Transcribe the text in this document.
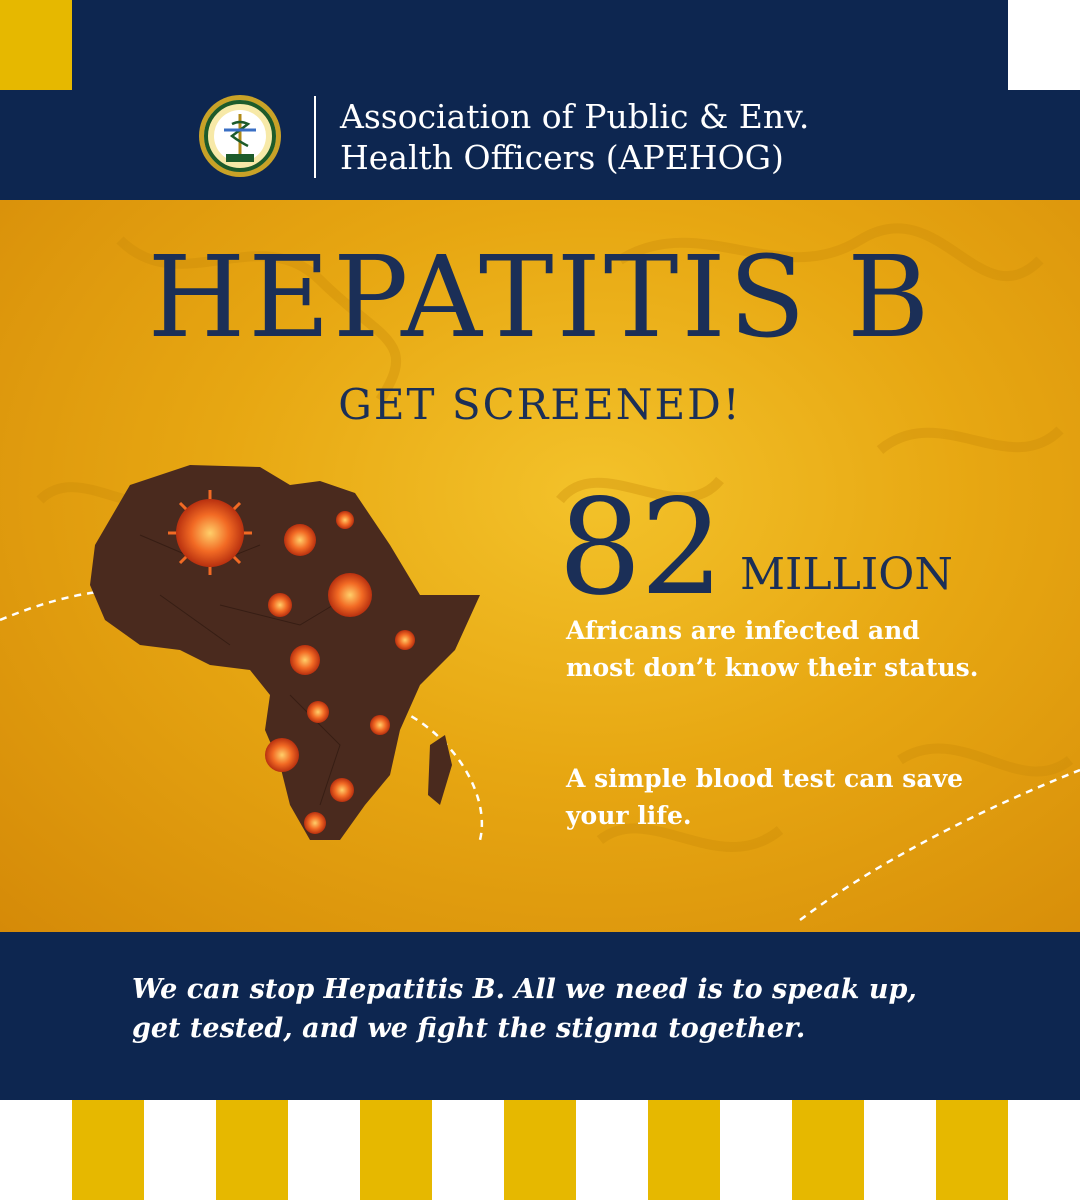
Association of Public & Env.
Health Officers (APEHOG)
HEPATITIS B
GET SCREENED!
82 MILLION
Africans are infected and most don’t know their status.
A simple blood test can save your life.
We can stop Hepatitis B. All we need is to speak up,
get tested, and we fight the stigma together.
